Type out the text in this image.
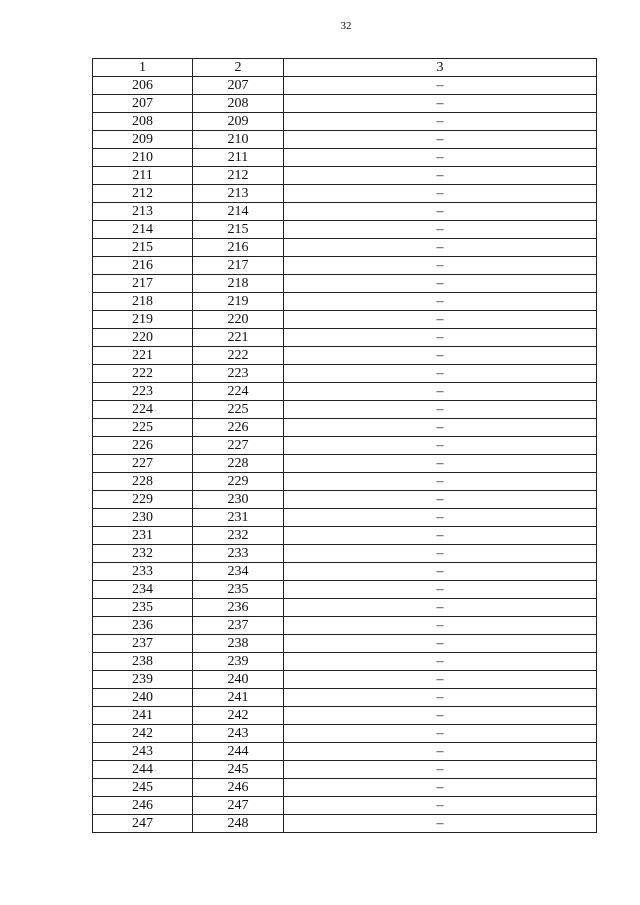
32
1	2	3
206	207	–
207	208	–
208	209	–
209	210	–
210	211	–
211	212	–
212	213	–
213	214	–
214	215	–
215	216	–
216	217	–
217	218	–
218	219	–
219	220	–
220	221	–
221	222	–
222	223	–
223	224	–
224	225	–
225	226	–
226	227	–
227	228	–
228	229	–
229	230	–
230	231	–
231	232	–
232	233	–
233	234	–
234	235	–
235	236	–
236	237	–
237	238	–
238	239	–
239	240	–
240	241	–
241	242	–
242	243	–
243	244	–
244	245	–
245	246	–
246	247	–
247	248	–
